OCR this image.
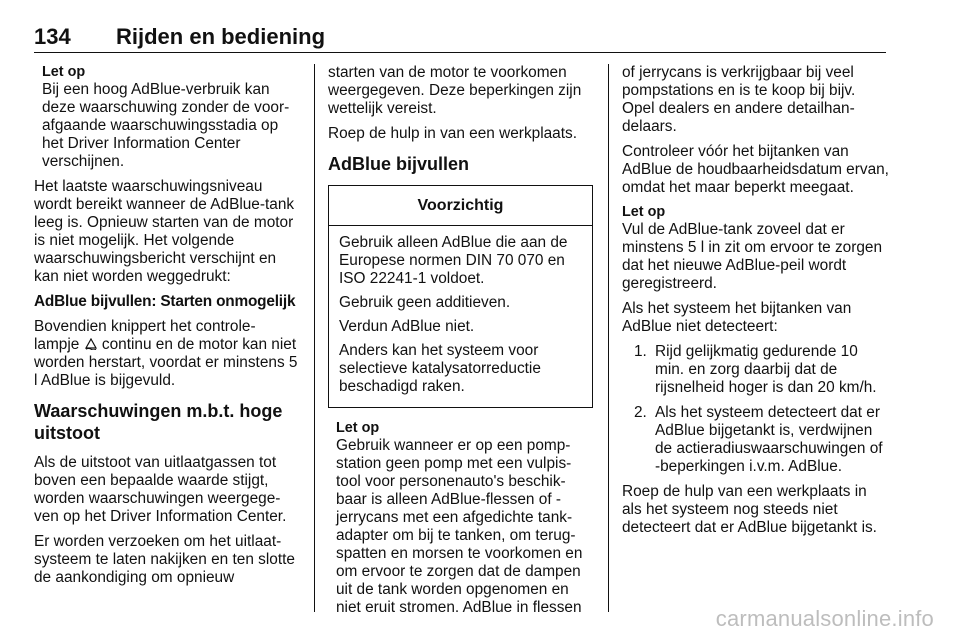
134 Rijden en bediening
Let op
Bij een hoog AdBlue-verbruik kan deze waarschuwing zonder de voor-afgaande waarschuwingsstadia op het Driver Information Center verschijnen.

Het laatste waarschuwingsniveau wordt bereikt wanneer de AdBlue-tank leeg is. Opnieuw starten van de motor is niet mogelijk. Het volgende waarschuwingsbericht verschijnt en kan niet worden weggedrukt:

AdBlue bijvullen: Starten onmogelijk

Bovendien knippert het controle-lampje continu en de motor kan niet worden herstart, voordat er minstens 5 l AdBlue is bijgevuld.

Waarschuwingen m.b.t. hoge uitstoot

Als de uitstoot van uitlaatgassen tot boven een bepaalde waarde stijgt, worden waarschuwingen weergege-ven op het Driver Information Center.

Er worden verzoeken om het uitlaat-systeem te laten nakijken en ten slotte de aankondiging om opnieuw

starten van de motor te voorkomen weergegeven. Deze beperkingen zijn wettelijk vereist.

Roep de hulp in van een werkplaats.

AdBlue bijvullen
Voorzichtig

Gebruik alleen AdBlue die aan de Europese normen DIN 70 070 en ISO 22241-1 voldoet.

Gebruik geen additieven.

Verdun AdBlue niet.

Anders kan het systeem voor selectieve katalysatorreductie beschadigd raken.

Let op
Gebruik wanneer er op een pomp-station geen pomp met een vulpis-tool voor personenauto's beschik-baar is alleen AdBlue-flessen of -jerrycans met een afgedichte tank-adapter om bij te tanken, om terug-spatten en morsen te voorkomen en om ervoor te zorgen dat de dampen uit de tank worden opgenomen en niet eruit stromen. AdBlue in flessen

of jerrycans is verkrijgbaar bij veel pompstations en is te koop bij bijv. Opel dealers en andere detailhan-delaars.

Controleer vóór het bijtanken van AdBlue de houdbaarheidsdatum ervan, omdat het maar beperkt meegaat.

Let op
Vul de AdBlue-tank zoveel dat er minstens 5 l in zit om ervoor te zorgen dat het nieuwe AdBlue-peil wordt geregistreerd.

Als het systeem het bijtanken van AdBlue niet detecteert:

1. Rijd gelijkmatig gedurende 10 min. en zorg daarbij dat de rijsnelheid hoger is dan 20 km/h.
2. Als het systeem detecteert dat er AdBlue bijgetankt is, verdwijnen de actieradiuswaarschuwingen of -beperkingen i.v.m. AdBlue.

Roep de hulp van een werkplaats in als het systeem nog steeds niet detecteert dat er AdBlue bijgetankt is.

carmanualsonline.info
